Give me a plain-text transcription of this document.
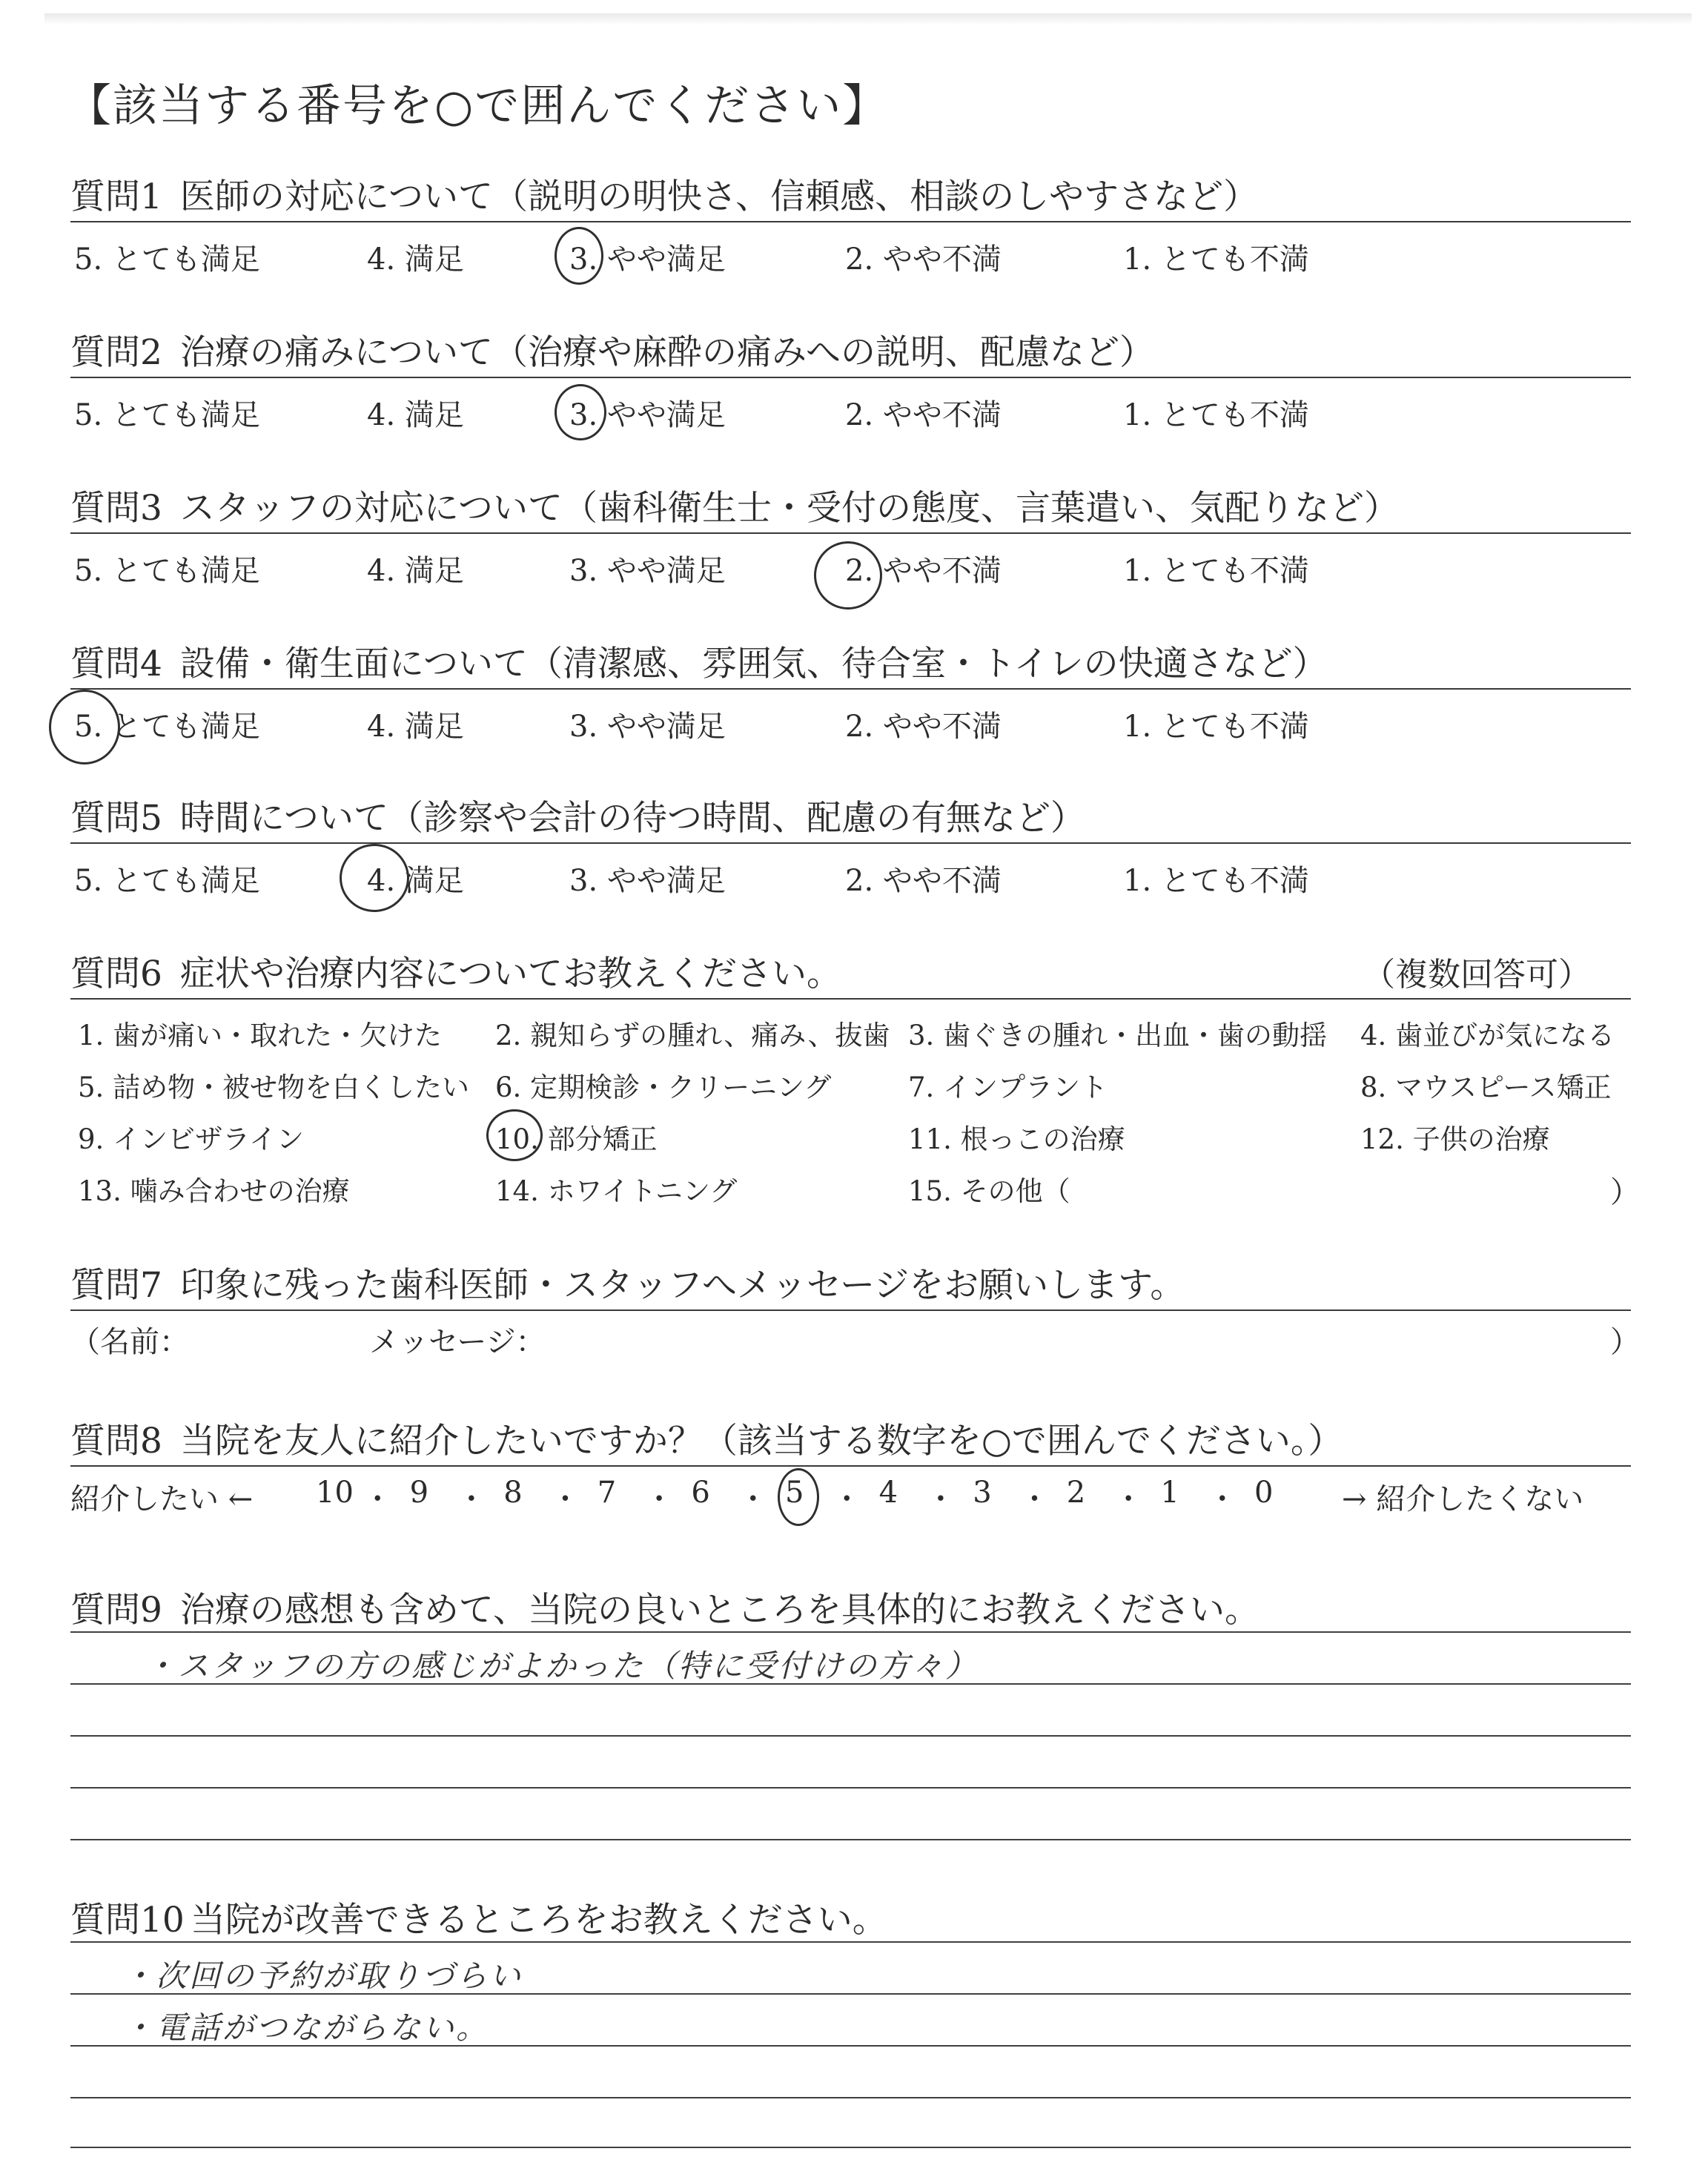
【該当する番号を○で囲んでください】
質問1 医師の対応について（説明の明快さ、信頼感、相談のしやすさなど）
5. とても満足	4. 満足	3. やや満足	2. やや不満	1. とても不満
質問2 治療の痛みについて（治療や麻酔の痛みへの説明、配慮など）
5. とても満足	4. 満足	3. やや満足	2. やや不満	1. とても不満
質問3 スタッフの対応について（歯科衛生士・受付の態度、言葉遣い、気配りなど）
5. とても満足	4. 満足	3. やや満足	2. やや不満	1. とても不満
質問4 設備・衛生面について（清潔感、雰囲気、待合室・トイレの快適さなど）
5. とても満足	4. 満足	3. やや満足	2. やや不満	1. とても不満
質問5 時間について（診察や会計の待つ時間、配慮の有無など）
5. とても満足	4. 満足	3. やや満足	2. やや不満	1. とても不満
質問6 症状や治療内容についてお教えください。	（複数回答可）
1. 歯が痛い・取れた・欠けた 2. 親知らずの腫れ、痛み、抜歯 3. 歯ぐきの腫れ・出血・歯の動揺 4. 歯並びが気になる
5. 詰め物・被せ物を白くしたい 6. 定期検診・クリーニング	7. インプラント	8. マウスピース矯正
9. インビザライン	10. 部分矯正	11. 根っこの治療	12. 子供の治療
13. 噛み合わせの治療	14. ホワイトニング	15. その他（	）
質問7 印象に残った歯科医師・スタッフへメッセージをお願いします。
（名前：	メッセージ：	）
質問8 当院を友人に紹介したいですか？（該当する数字を○で囲んでください。）
紹介したい ←	→ 紹介したくない
10 ・ 9 ・ 8 ・ 7 ・ 6 ・ 5 ・ 4 ・ 3 ・ 2 ・ 1 ・ 0
質問9 治療の感想も含めて、当院の良いところを具体的にお教えください。
・スタッフの方の感じがよかった（特に受付けの方々）
質問10 当院が改善できるところをお教えください。
・次回の予約が取りづらい
・電話がつながらない。
